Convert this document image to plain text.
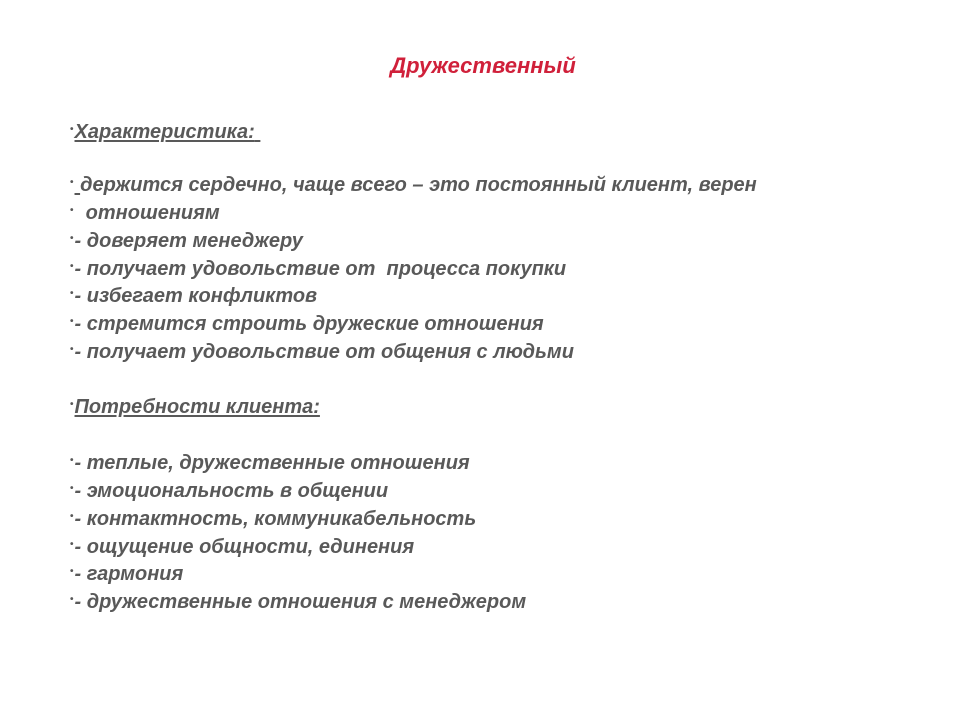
Дружественный
•Характеристика:
• держится сердечно, чаще всего – это постоянный клиент, верен
• отношениям
•- доверяет менеджеру
•- получает удовольствие от  процесса покупки
•- избегает конфликтов
•- стремится строить дружеские отношения
•- получает удовольствие от общения с людьми
•Потребности клиента:
•- теплые, дружественные отношения
•- эмоциональность в общении
•- контактность, коммуникабельность
•- ощущение общности, единения
•- гармония
•- дружественные отношения с менеджером
